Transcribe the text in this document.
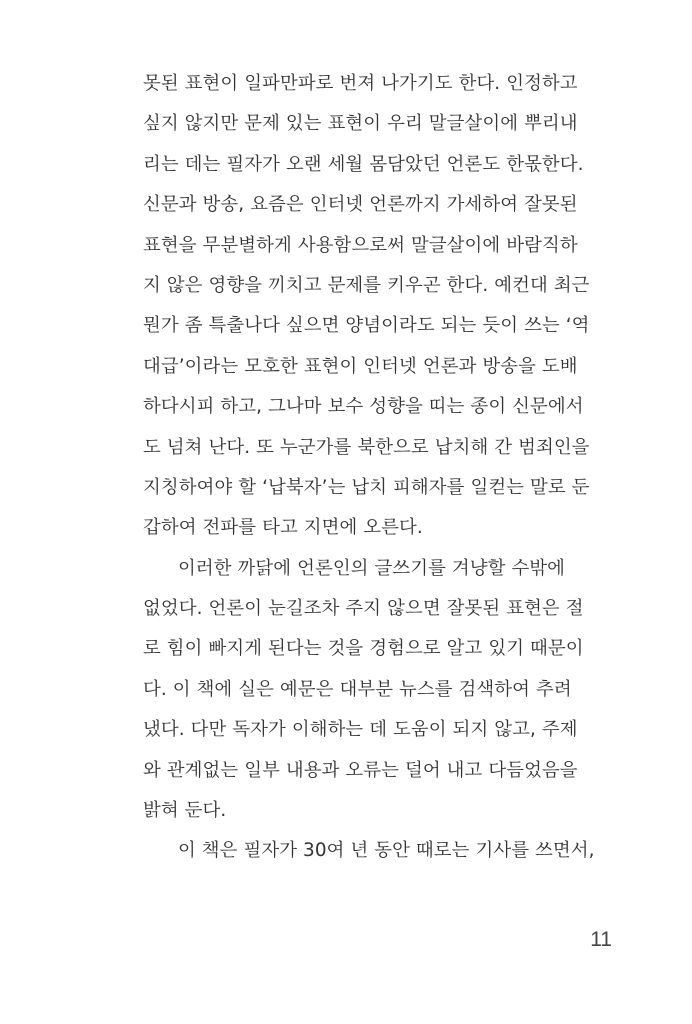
못된 표현이 일파만파로 번져 나가기도 한다. 인정하고
싶지 않지만 문제 있는 표현이 우리 말글살이에 뿌리내
리는 데는 필자가 오랜 세월 몸담았던 언론도 한몫한다.
신문과 방송, 요즘은 인터넷 언론까지 가세하여 잘못된
표현을 무분별하게 사용함으로써 말글살이에 바람직하
지 않은 영향을 끼치고 문제를 키우곤 한다. 예컨대 최근
뭔가 좀 특출나다 싶으면 양념이라도 되는 듯이 쓰는 ‘역
대급’이라는 모호한 표현이 인터넷 언론과 방송을 도배
하다시피 하고, 그나마 보수 성향을 띠는 종이 신문에서
도 넘쳐 난다. 또 누군가를 북한으로 납치해 간 범죄인을
지칭하여야 할 ‘납북자’는 납치 피해자를 일컫는 말로 둔
갑하여 전파를 타고 지면에 오른다.
이러한 까닭에 언론인의 글쓰기를 겨냥할 수밖에
없었다. 언론이 눈길조차 주지 않으면 잘못된 표현은 절
로 힘이 빠지게 된다는 것을 경험으로 알고 있기 때문이
다. 이 책에 실은 예문은 대부분 뉴스를 검색하여 추려
냈다. 다만 독자가 이해하는 데 도움이 되지 않고, 주제
와 관계없는 일부 내용과 오류는 덜어 내고 다듬었음을
밝혀 둔다.
이 책은 필자가 30여 년 동안 때로는 기사를 쓰면서,
11
